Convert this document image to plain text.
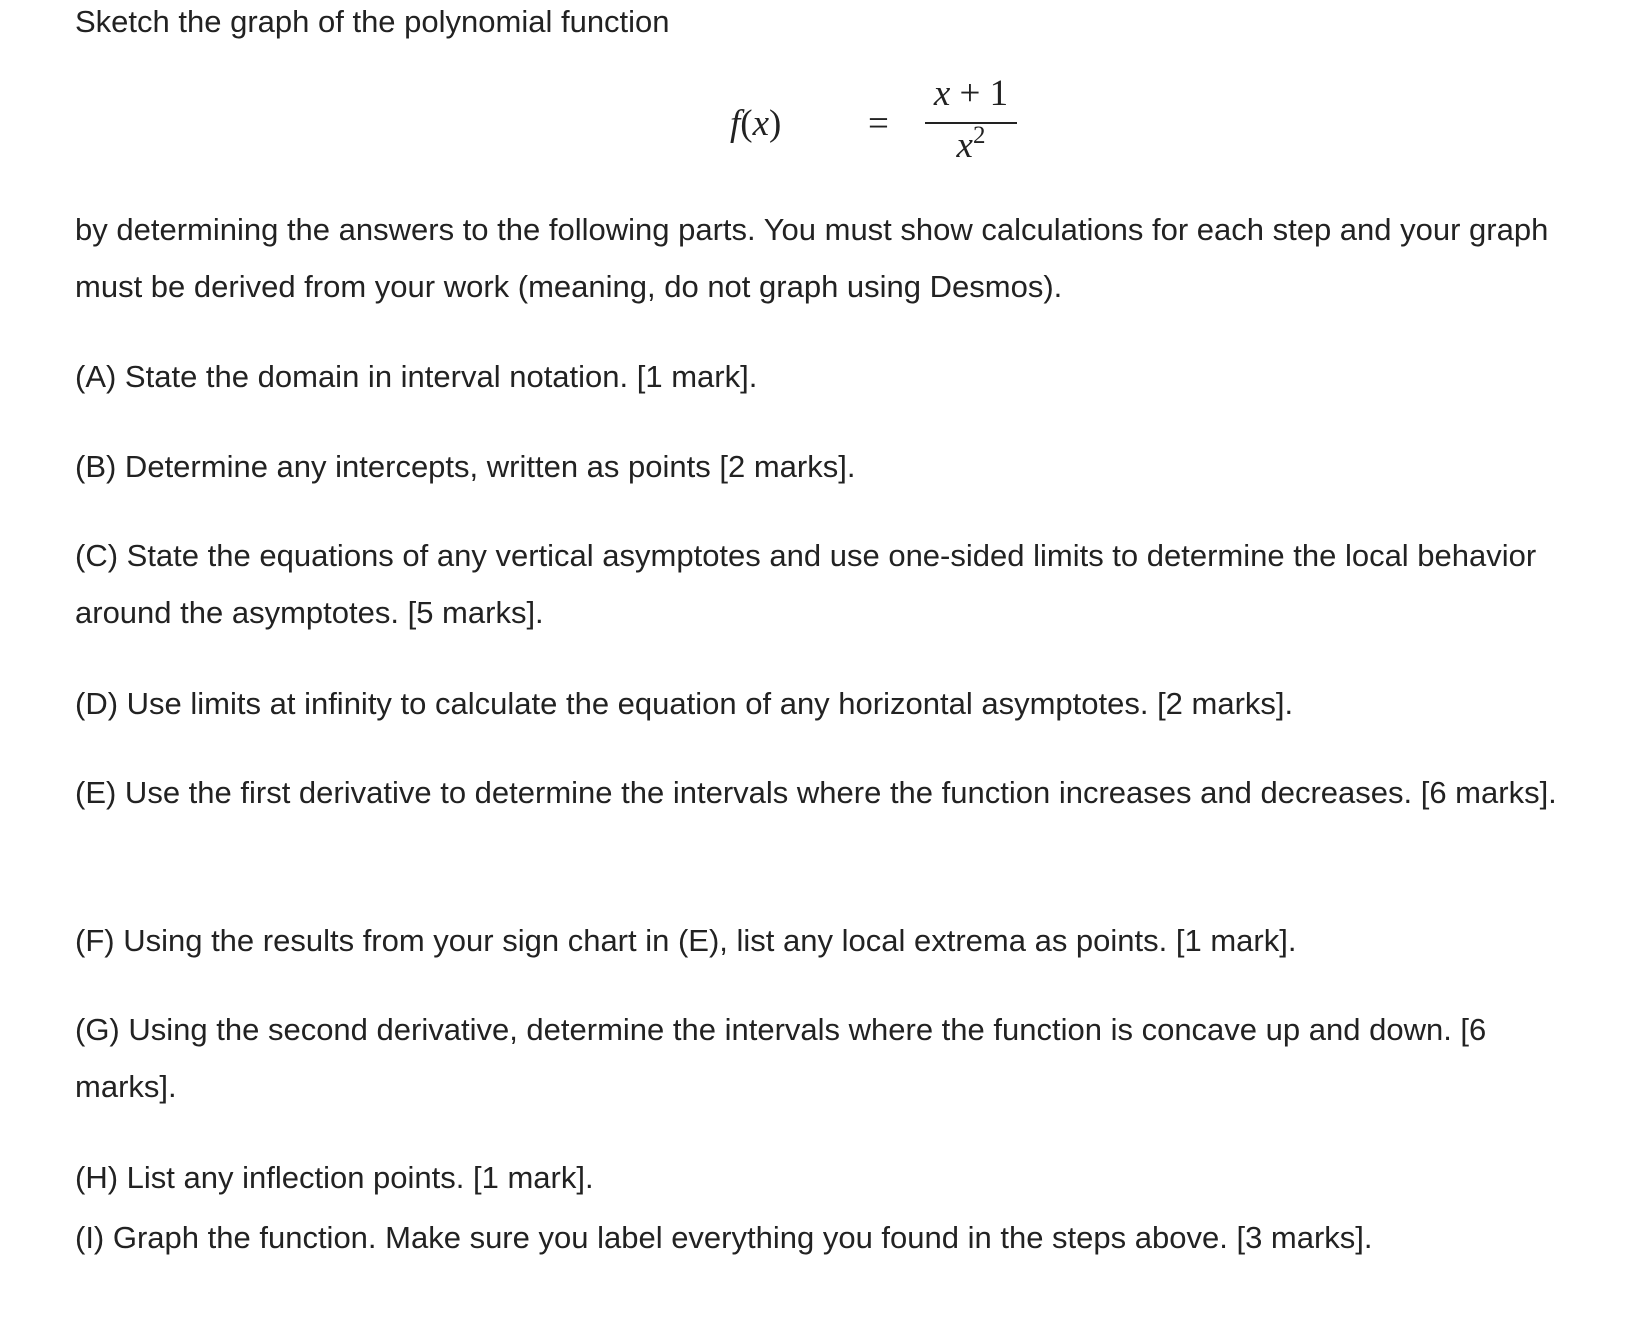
Sketch the graph of the polynomial function
f(x) =
x + 1
$x^2$
by determining the answers to the following parts. You must show calculations for each step and your graph must be derived from your work (meaning, do not graph using Desmos).
(A) State the domain in interval notation. [1 mark].
(B) Determine any intercepts, written as points [2 marks].
(C) State the equations of any vertical asymptotes and use one-sided limits to determine the local behavior around the asymptotes. [5 marks].
(D) Use limits at infinity to calculate the equation of any horizontal asymptotes. [2 marks].
(E) Use the first derivative to determine the intervals where the function increases and decreases. [6 marks].
(F) Using the results from your sign chart in (E), list any local extrema as points. [1 mark].
(G) Using the second derivative, determine the intervals where the function is concave up and down. [6 marks].
(H) List any inflection points. [1 mark].
(I) Graph the function. Make sure you label everything you found in the steps above. [3 marks].
